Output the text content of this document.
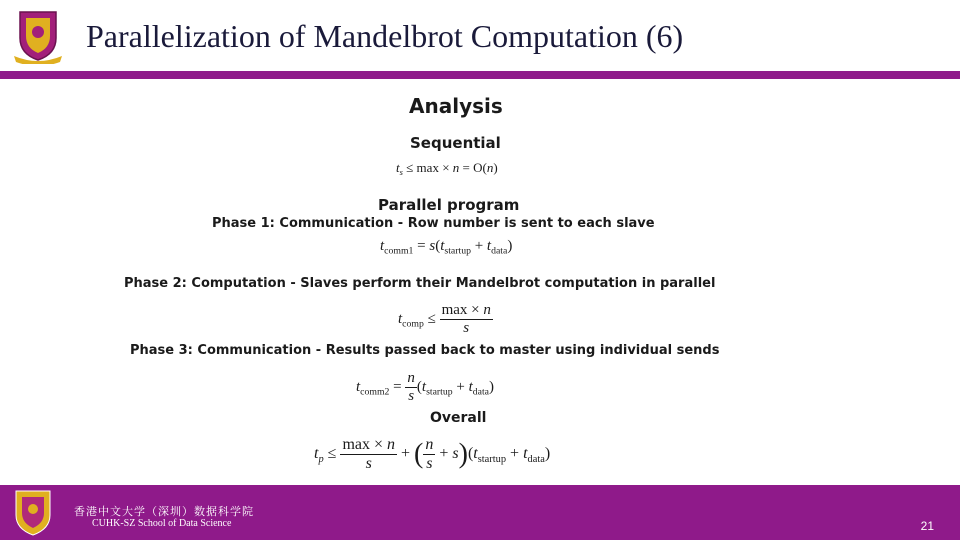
Parallelization of Mandelbrot Computation (6)
Analysis
Sequential
$t_s \le \max \times n = O(n)$
Parallel program
Phase 1: Communication - Row number is sent to each slave
$t_{comm1} = s(t_{startup} + t_{data})$
Phase 2: Computation - Slaves perform their Mandelbrot computation in parallel
$t_{comp} \le \frac{\max \times n}{s}$
Phase 3: Communication - Results passed back to master using individual sends
$t_{comm2} = \frac{n}{s} (t_{startup} + t_{data})$
Overall
$t_p \le \frac{\max \times n}{s}$ + ( $\frac{n}{s} + s)(t_{startup} + t_{data})$
香港中文大学（深圳）数据科学院
CUHK-SZ School of Data Science	21
